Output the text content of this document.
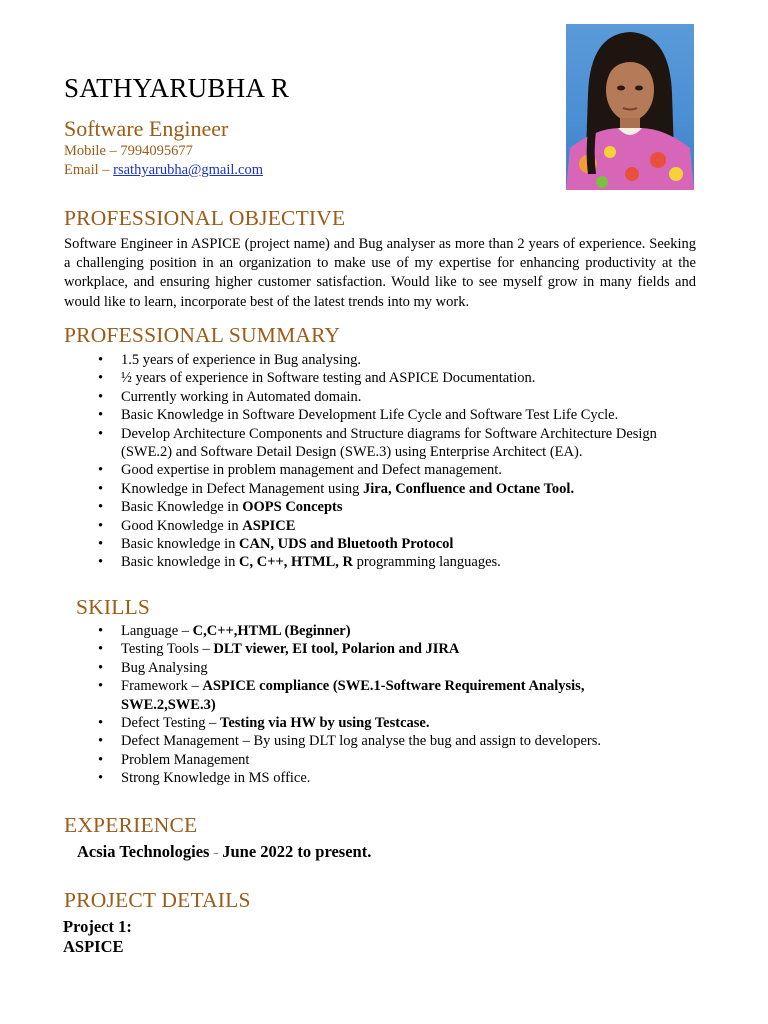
SATHYARUBHA R
Software Engineer
Mobile – 7994095677
Email – rsathyarubha@gmail.com
PROFESSIONAL OBJECTIVE
Software Engineer in ASPICE (project name) and Bug analyser as more than 2 years of experience. Seeking a challenging position in an organization to make use of my expertise for enhancing productivity at the workplace, and ensuring higher customer satisfaction. Would like to see myself grow in many fields and would like to learn, incorporate best of the latest trends into my work.
PROFESSIONAL SUMMARY
• 1.5 years of experience in Bug analysing.
• ½ years of experience in Software testing and ASPICE Documentation.
• Currently working in Automated domain.
• Basic Knowledge in Software Development Life Cycle and Software Test Life Cycle.
• Develop Architecture Components and Structure diagrams for Software Architecture Design (SWE.2) and Software Detail Design (SWE.3) using Enterprise Architect (EA).
• Good expertise in problem management and Defect management.
• Knowledge in Defect Management using Jira, Confluence and Octane Tool.
• Basic Knowledge in OOPS Concepts
• Good Knowledge in ASPICE
• Basic knowledge in CAN, UDS and Bluetooth Protocol
• Basic knowledge in C, C++, HTML, R programming languages.
SKILLS
• Language – C,C++,HTML (Beginner)
• Testing Tools – DLT viewer, EI tool, Polarion and JIRA
• Bug Analysing
• Framework – ASPICE compliance (SWE.1-Software Requirement Analysis, SWE.2,SWE.3)
• Defect Testing – Testing via HW by using Testcase.
• Defect Management – By using DLT log analyse the bug and assign to developers.
• Problem Management
• Strong Knowledge in MS office.
EXPERIENCE
Acsia Technologies – June 2022 to present.
PROJECT DETAILS
Project 1:
ASPICE
